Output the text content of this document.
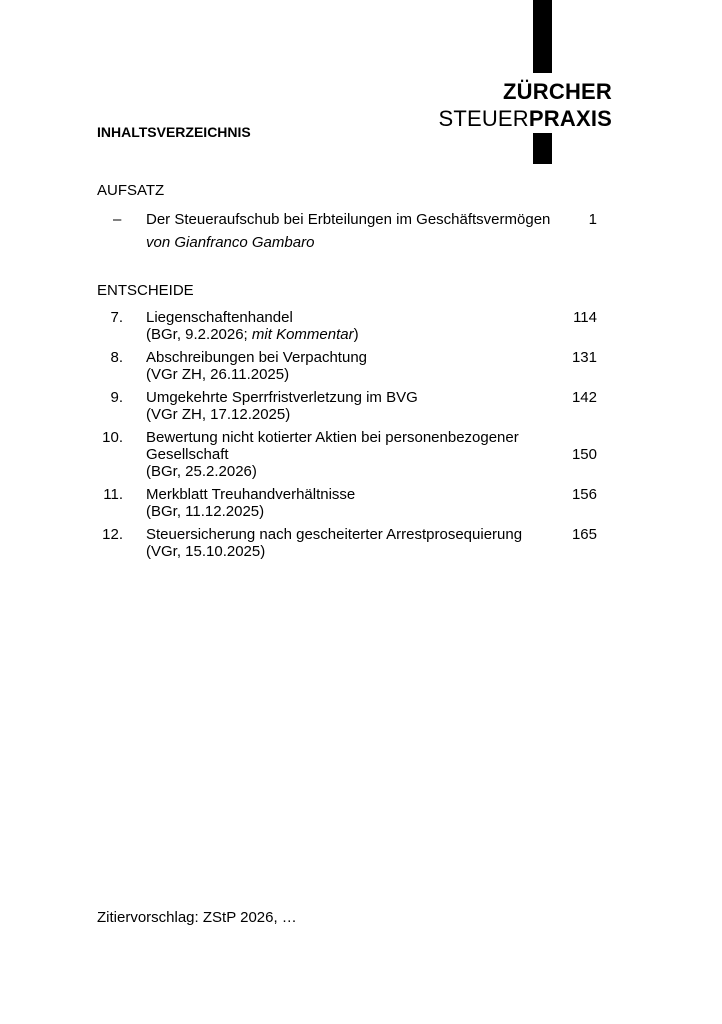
ZÜRCHER
STEUERPRAXIS
INHALTSVERZEICHNIS
AUFSATZ
– Der Steueraufschub bei Erbteilungen im Geschäftsvermögen	1
von Gianfranco Gambaro
ENTSCHEIDE
7. Liegenschaftenhandel
(BGr, 9.2.2026; mit Kommentar)
114
8. Abschreibungen bei Verpachtung
(VGr ZH, 26.11.2025)
131
9. Umgekehrte Sperrfristverletzung im BVG
(VGr ZH, 17.12.2025)
142
10. Bewertung nicht kotierter Aktien bei personenbezogener
Gesellschaft
(BGr, 25.2.2026)
150
11. Merkblatt Treuhandverhältnisse
(BGr, 11.12.2025)
156
12. Steuersicherung nach gescheiterter Arrestprosequierung
(VGr, 15.10.2025)
165
Zitiervorschlag: ZStP 2026, …
